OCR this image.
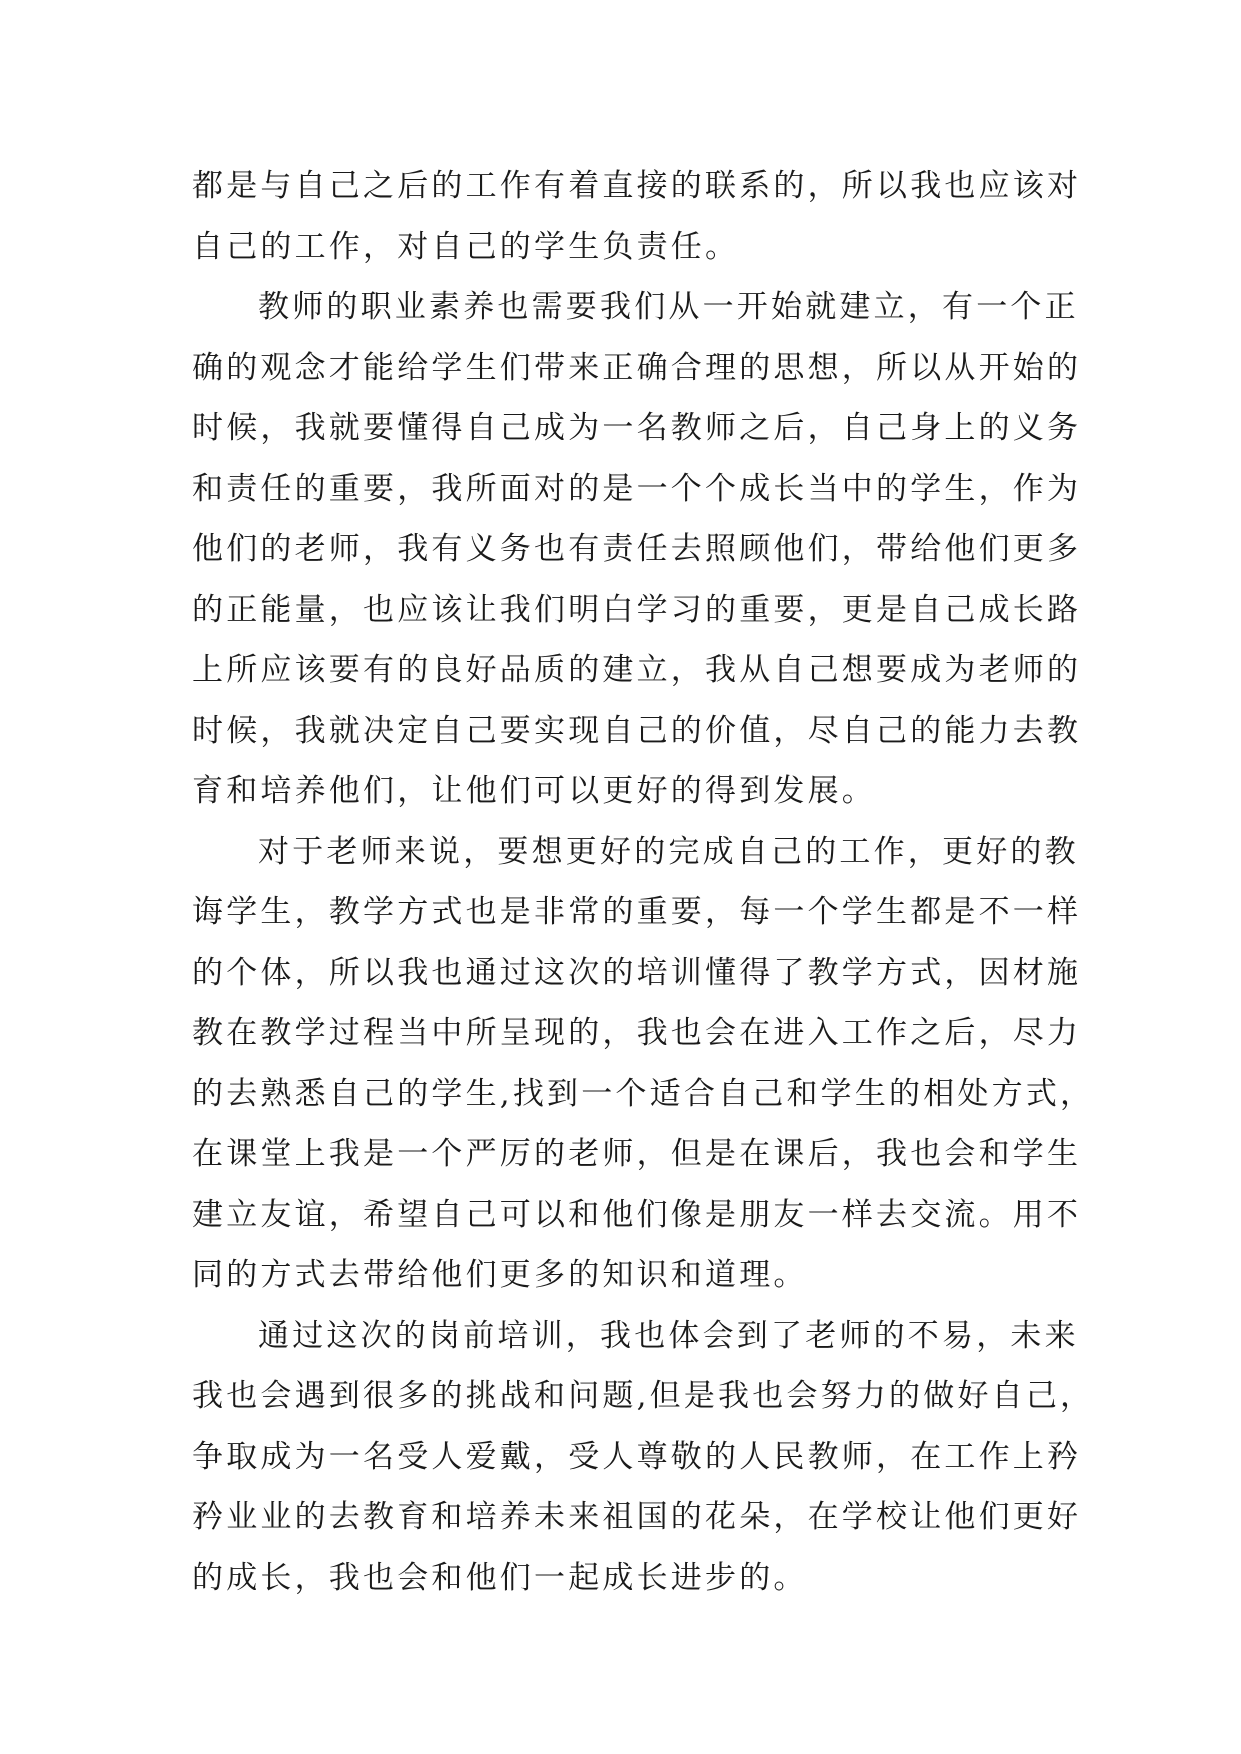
都是与自己之后的工作有着直接的联系的，所以我也应该对
自己的工作，对自己的学生负责任。
教师的职业素养也需要我们从一开始就建立，有一个正
确的观念才能给学生们带来正确合理的思想，所以从开始的
时候，我就要懂得自己成为一名教师之后，自己身上的义务
和责任的重要，我所面对的是一个个成长当中的学生，作为
他们的老师，我有义务也有责任去照顾他们，带给他们更多
的正能量，也应该让我们明白学习的重要，更是自己成长路
上所应该要有的良好品质的建立，我从自己想要成为老师的
时候，我就决定自己要实现自己的价值，尽自己的能力去教
育和培养他们，让他们可以更好的得到发展。
对于老师来说，要想更好的完成自己的工作，更好的教
诲学生，教学方式也是非常的重要，每一个学生都是不一样
的个体，所以我也通过这次的培训懂得了教学方式，因材施
教在教学过程当中所呈现的，我也会在进入工作之后，尽力
的去熟悉自己的学生,找到一个适合自己和学生的相处方式，
在课堂上我是一个严厉的老师，但是在课后，我也会和学生
建立友谊，希望自己可以和他们像是朋友一样去交流。用不
同的方式去带给他们更多的知识和道理。
通过这次的岗前培训，我也体会到了老师的不易，未来
我也会遇到很多的挑战和问题,但是我也会努力的做好自己，
争取成为一名受人爱戴，受人尊敬的人民教师，在工作上矜
矜业业的去教育和培养未来祖国的花朵，在学校让他们更好
的成长，我也会和他们一起成长进步的。
